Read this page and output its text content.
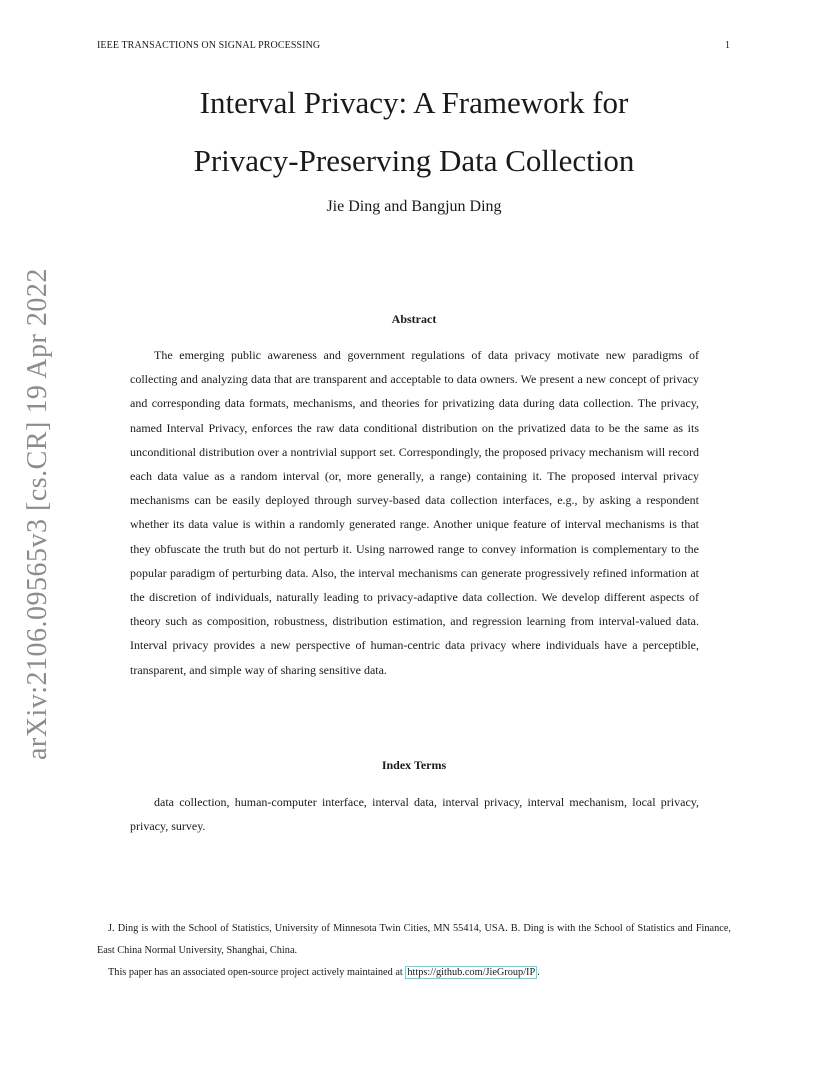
IEEE TRANSACTIONS ON SIGNAL PROCESSING	1
arXiv:2106.09565v3 [cs.CR] 19 Apr 2022
Interval Privacy: A Framework for
Privacy-Preserving Data Collection
Jie Ding and Bangjun Ding
Abstract

The emerging public awareness and government regulations of data privacy motivate new paradigms of collecting and analyzing data that are transparent and acceptable to data owners. We present a new concept of privacy and corresponding data formats, mechanisms, and theories for privatizing data during data collection. The privacy, named Interval Privacy, enforces the raw data conditional distribution on the privatized data to be the same as its unconditional distribution over a nontrivial support set. Correspondingly, the proposed privacy mechanism will record each data value as a random interval (or, more generally, a range) containing it. The proposed interval privacy mechanisms can be easily deployed through survey-based data collection interfaces, e.g., by asking a respondent whether its data value is within a randomly generated range. Another unique feature of interval mechanisms is that they obfuscate the truth but do not perturb it. Using narrowed range to convey information is complementary to the popular paradigm of perturbing data. Also, the interval mechanisms can generate progressively refined information at the discretion of individuals, naturally leading to privacy-adaptive data collection. We develop different aspects of theory such as composition, robustness, distribution estimation, and regression learning from interval-valued data. Interval privacy provides a new perspective of human-centric data privacy where individuals have a perceptible, transparent, and simple way of sharing sensitive data.

Index Terms

data collection, human-computer interface, interval data, interval privacy, interval mechanism, local privacy, privacy, survey.

J. Ding is with the School of Statistics, University of Minnesota Twin Cities, MN 55414, USA. B. Ding is with the School of Statistics and Finance, East China Normal University, Shanghai, China.

This paper has an associated open-source project actively maintained at https://github.com/JieGroup/IP .
